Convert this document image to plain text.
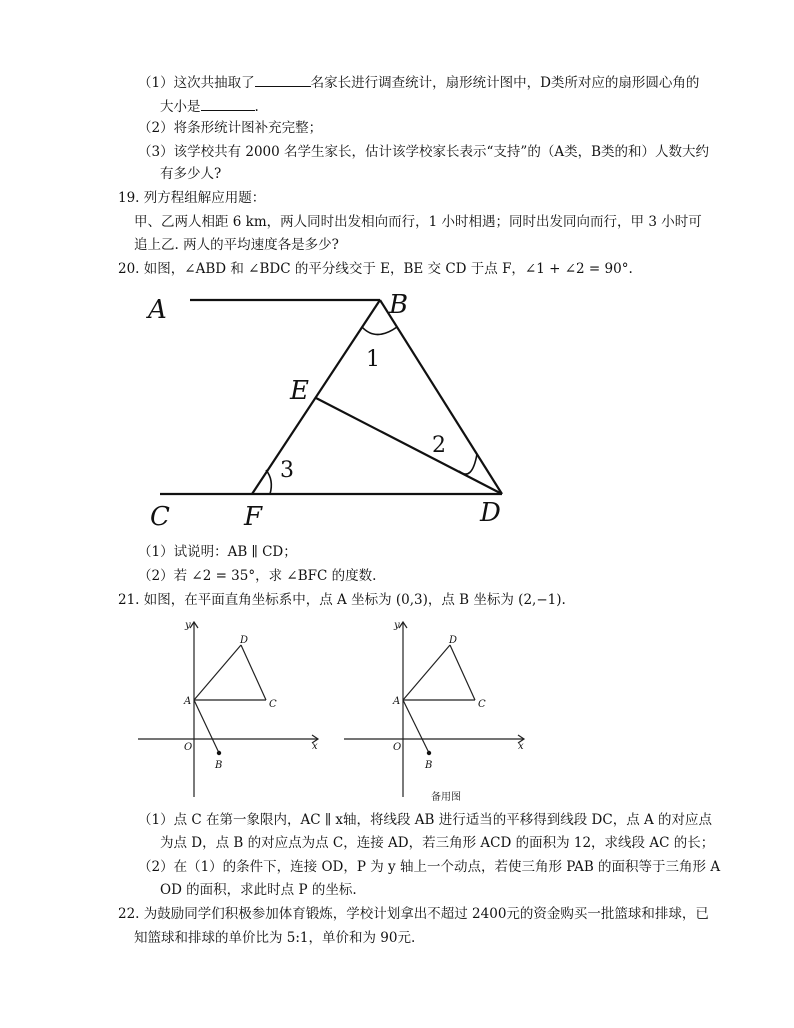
（1）这次共抽取了	名家长进行调查统计，扇形统计图中，D类所对应的扇形圆心角的
大小是	.
（2）将条形统计图补充完整；
（3）该学校共有 2000 名学生家长，估计该学校家长表示“支持”的（A类，B类的和）人数大约
有多少人?
19. 列方程组解应用题：
甲、乙两人相距 6 km，两人同时出发相向而行，1 小时相遇；同时出发同向而行，甲 3 小时可
追上乙. 两人的平均速度各是多少?
20. 如图，∠ABD 和 ∠BDC 的平分线交于 E，BE 交 CD 于点 F，∠1 + ∠2 = 90°.
A	B
C	D
E
F
1
2
3
（1）试说明：AB ∥ CD；
（2）若 ∠2 = 35°，求 ∠BFC 的度数.
21. 如图，在平面直角坐标系中，点 A 坐标为 (0,3)，点 B 坐标为 (2,−1).
y
x
O
A
D
C
B
y
x
O
A
D
C
B
备用图
（1）点 C 在第一象限内，AC ∥ x轴，将线段 AB 进行适当的平移得到线段 DC，点 A 的对应点
为点 D，点 B 的对应点为点 C，连接 AD，若三角形 ACD 的面积为 12，求线段 AC 的长；
（2）在（1）的条件下，连接 OD，P 为 y 轴上一个动点，若使三角形 PAB 的面积等于三角形 A
OD 的面积，求此时点 P 的坐标.
22. 为鼓励同学们积极参加体育锻炼，学校计划拿出不超过 2400元的资金购买一批篮球和排球，已
知篮球和排球的单价比为 5:1，单价和为 90元.
